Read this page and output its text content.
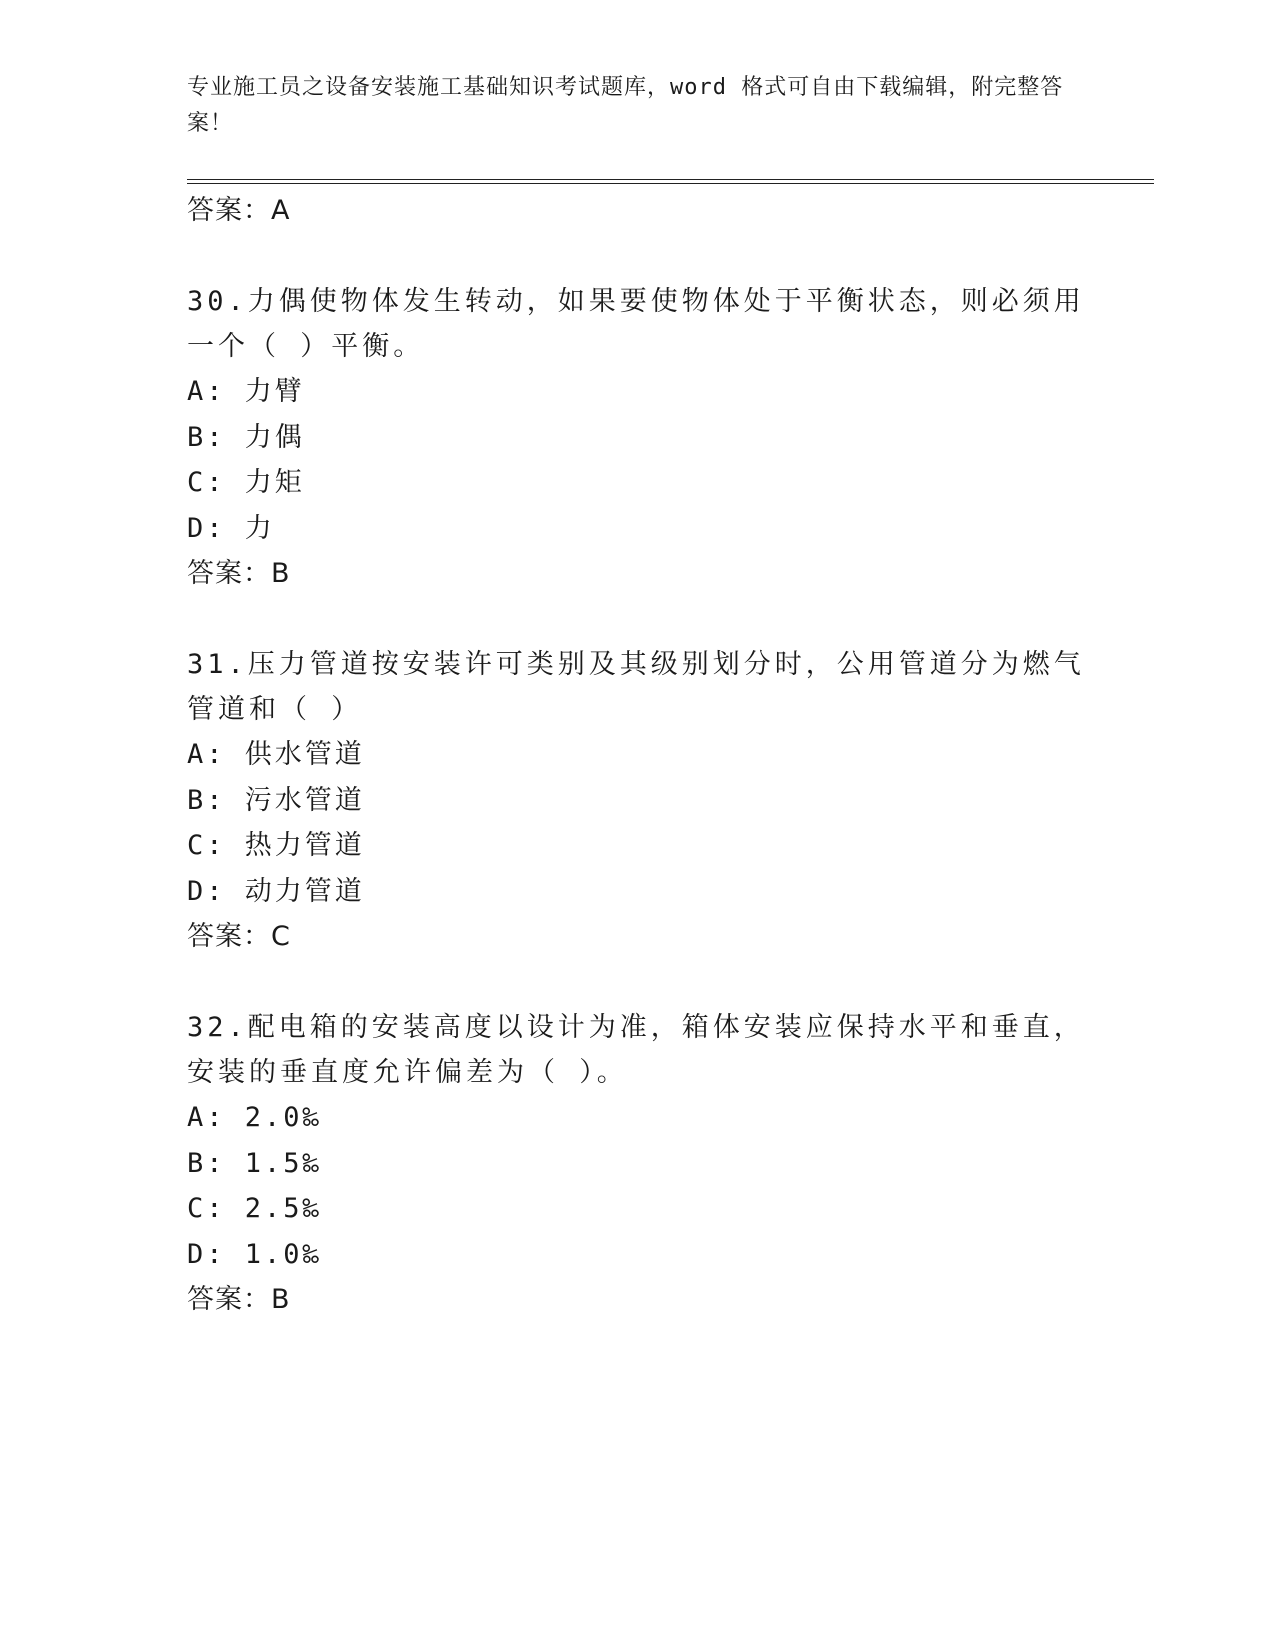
专业施工员之设备安装施工基础知识考试题库，word 格式可自由下载编辑，附完整答案！
答案：A
30.力偶使物体发生转动，如果要使物体处于平衡状态，则必须用一个（ ）平衡。
A: 力臂
B: 力偶
C: 力矩
D: 力
答案：B
31.压力管道按安装许可类别及其级别划分时，公用管道分为燃气管道和（ ）
A: 供水管道
B: 污水管道
C: 热力管道
D: 动力管道
答案：C
32.配电箱的安装高度以设计为准，箱体安装应保持水平和垂直，安装的垂直度允许偏差为（ ）。
A: 2.0‰
B: 1.5‰
C: 2.5‰
D: 1.0‰
答案：B
